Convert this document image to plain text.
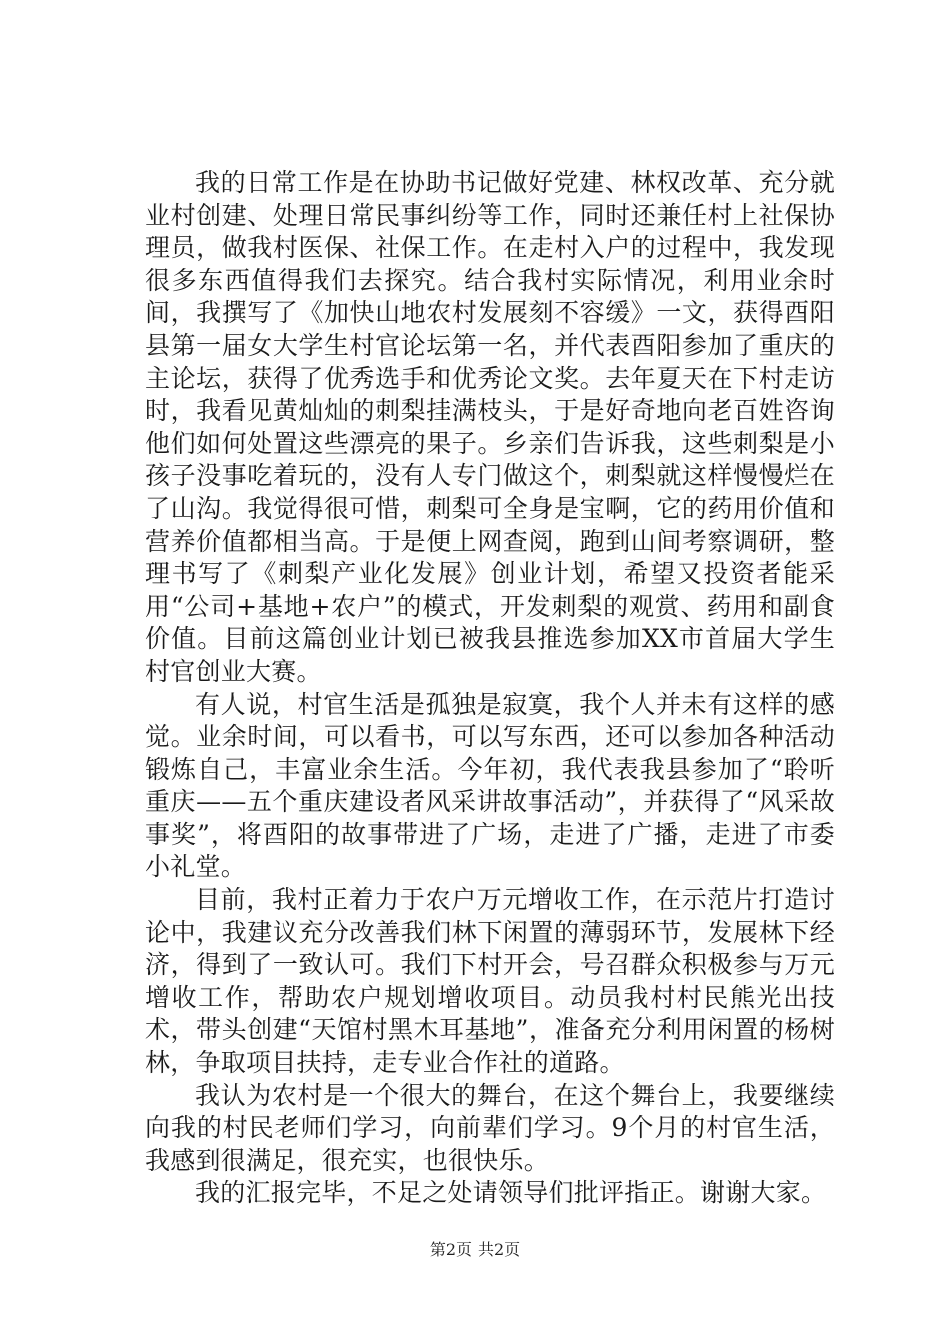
我的日常工作是在协助书记做好党建、林权改革、充分就业村创建、处理日常民事纠纷等工作，同时还兼任村上社保协理员，做我村医保、社保工作。在走村入户的过程中，我发现很多东西值得我们去探究。结合我村实际情况，利用业余时间，我撰写了《加快山地农村发展刻不容缓》一文，获得酉阳县第一届女大学生村官论坛第一名，并代表酉阳参加了重庆的主论坛，获得了优秀选手和优秀论文奖。去年夏天在下村走访时，我看见黄灿灿的刺梨挂满枝头，于是好奇地向老百姓咨询他们如何处置这些漂亮的果子。乡亲们告诉我，这些刺梨是小孩子没事吃着玩的，没有人专门做这个，刺梨就这样慢慢烂在了山沟。我觉得很可惜，刺梨可全身是宝啊，它的药用价值和营养价值都相当高。于是便上网查阅，跑到山间考察调研，整理书写了《刺梨产业化发展》创业计划，希望又投资者能采用“公司+基地+农户”的模式，开发刺梨的观赏、药用和副食价值。目前这篇创业计划已被我县推选参加XX市首届大学生村官创业大赛。

有人说，村官生活是孤独是寂寞，我个人并未有这样的感觉。业余时间，可以看书，可以写东西，还可以参加各种活动锻炼自己，丰富业余生活。今年初，我代表我县参加了“聆听重庆——五个重庆建设者风采讲故事活动”，并获得了“风采故事奖”，将酉阳的故事带进了广场，走进了广播，走进了市委小礼堂。

目前，我村正着力于农户万元增收工作，在示范片打造讨论中，我建议充分改善我们林下闲置的薄弱环节，发展林下经济，得到了一致认可。我们下村开会，号召群众积极参与万元增收工作，帮助农户规划增收项目。动员我村村民熊光出技术，带头创建“天馆村黑木耳基地”，准备充分利用闲置的杨树林，争取项目扶持，走专业合作社的道路。

我认为农村是一个很大的舞台，在这个舞台上，我要继续向我的村民老师们学习，向前辈们学习。9个月的村官生活，我感到很满足，很充实，也很快乐。

我的汇报完毕，不足之处请领导们批评指正。谢谢大家。

第2页 共2页
